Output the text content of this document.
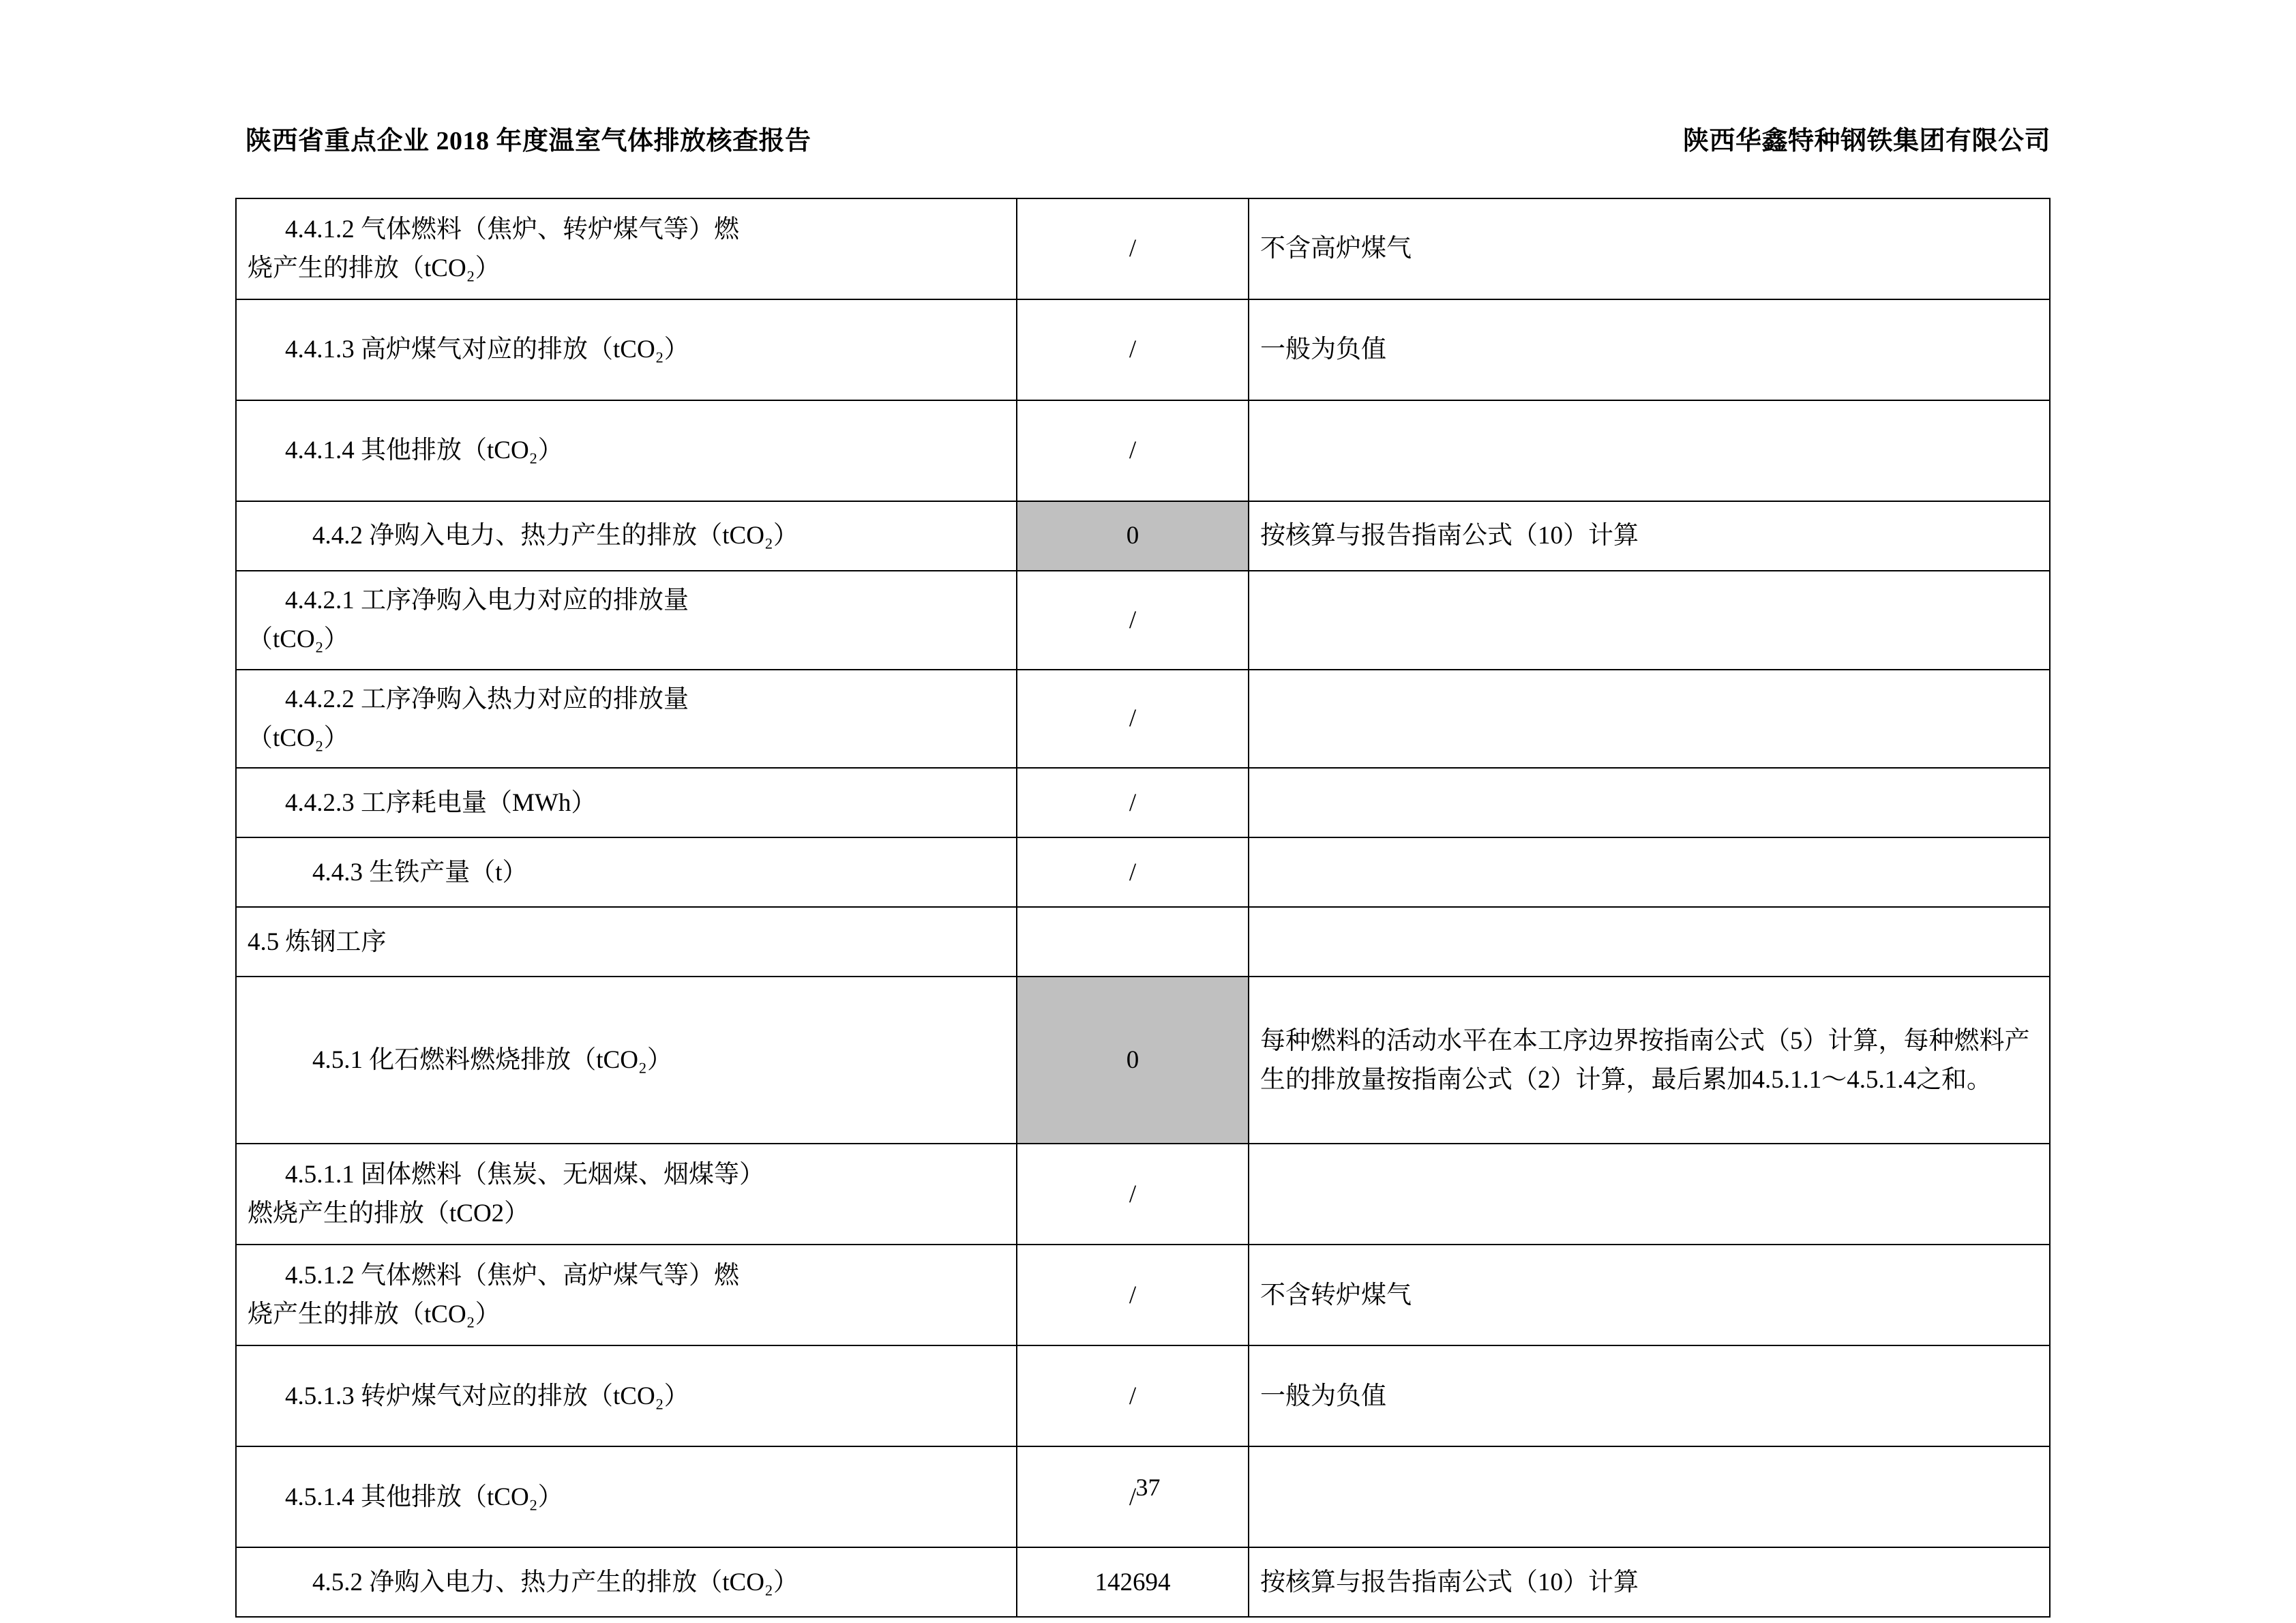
陕西省重点企业 2018 年度温室气体排放核查报告	陕西华鑫特种钢铁集团有限公司
4.4.1.2 气体燃料（焦炉、转炉煤气等）燃
烧产生的排放（tCO₂）	/	不含高炉煤气

4.4.1.3 高炉煤气对应的排放（tCO₂）	/	一般为负值

4.4.1.4 其他排放（tCO₂）	/	

4.4.2 净购入电力、热力产生的排放（tCO₂）	0	按核算与报告指南公式（10）计算

4.4.2.1 工序净购入电力对应的排放量
（tCO₂）	/	

4.4.2.2 工序净购入热力对应的排放量
（tCO₂）	/	

4.4.2.3 工序耗电量（MWh）	/	

4.4.3 生铁产量（t）	/	

4.5 炼钢工序		

4.5.1 化石燃料燃烧排放（tCO₂）	0	每种燃料的活动水平在本工序边界按指南公式（5）计算，每种燃料产生的排放量按指南公式（2）计算，最后累加4.5.1.1～4.5.1.4之和。

4.5.1.1 固体燃料（焦炭、无烟煤、烟煤等）
燃烧产生的排放（tCO2）	/	

4.5.1.2 气体燃料（焦炉、高炉煤气等）燃
烧产生的排放（tCO₂）	/	不含转炉煤气

4.5.1.3 转炉煤气对应的排放（tCO₂）	/	一般为负值

4.5.1.4 其他排放（tCO₂）	/	

4.5.2 净购入电力、热力产生的排放（tCO₂）	142694	按核算与报告指南公式（10）计算
37
